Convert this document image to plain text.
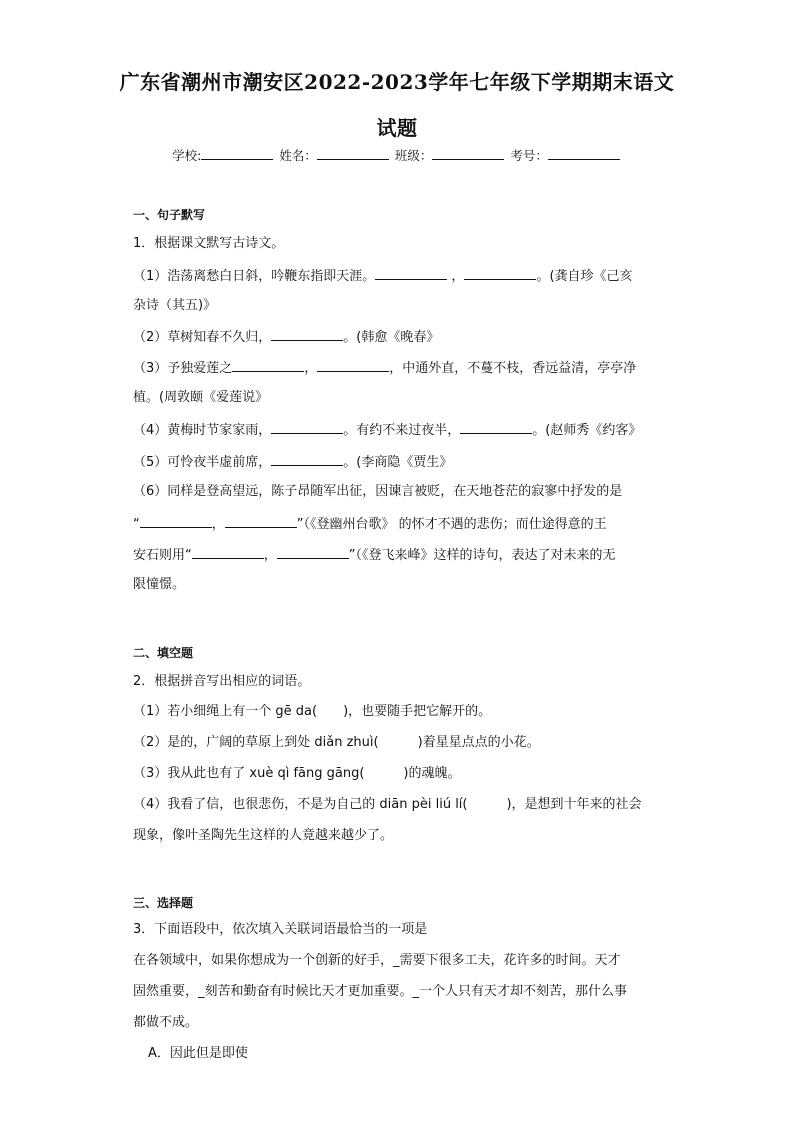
广东省潮州市潮安区2022-2023学年七年级下学期期末语文
试题
学校:	姓名：	班级：	考号：
一、句子默写
1．根据课文默写古诗文。
（1）浩荡离愁白日斜，吟鞭东指即天涯。	，	。(龚自珍《己亥
杂诗（其五)》
（2）草树知春不久归，	。(韩愈《晚春》
（3）予独爱莲之	，	，中通外直，不蔓不枝，香远益清，亭亭净
植。(周敦颐《爱莲说》
（4）黄梅时节家家雨，	。有约不来过夜半，	。(赵师秀《约客》
（5）可怜夜半虚前席，	。(李商隐《贾生》
（6）同样是登高望远，陈子昂随军出征，因谏言被贬，在天地苍茫的寂寥中抒发的是
“	，	”（《登幽州台歌》 的怀才不遇的悲伤；而仕途得意的王
安石则用“	，	”（《登飞来峰》这样的诗句，表达了对未来的无
限憧憬。
二、填空题
2．根据拼音写出相应的词语。
（1）若小细绳上有一个 gē da(　　)，也要随手把它解开的。
（2）是的，广阔的草原上到处 diǎn zhuì(　　　)着星星点点的小花。
（3）我从此也有了 xuè qì fāng gāng(　　　)的魂魄。
（4）我看了信，也很悲伤，不是为自己的 diān pèi liú lí(　　　)，是想到十年来的社会
现象，像叶圣陶先生这样的人竟越来越少了。
三、选择题
3．下面语段中，依次填入关联词语最恰当的一项是
在各领域中，如果你想成为一个创新的好手，_需要下很多工夫，花许多的时间。天才
固然重要，_刻苦和勤奋有时候比天才更加重要。_一个人只有天才却不刻苦，那什么事
都做不成。
A．因此但是即使
